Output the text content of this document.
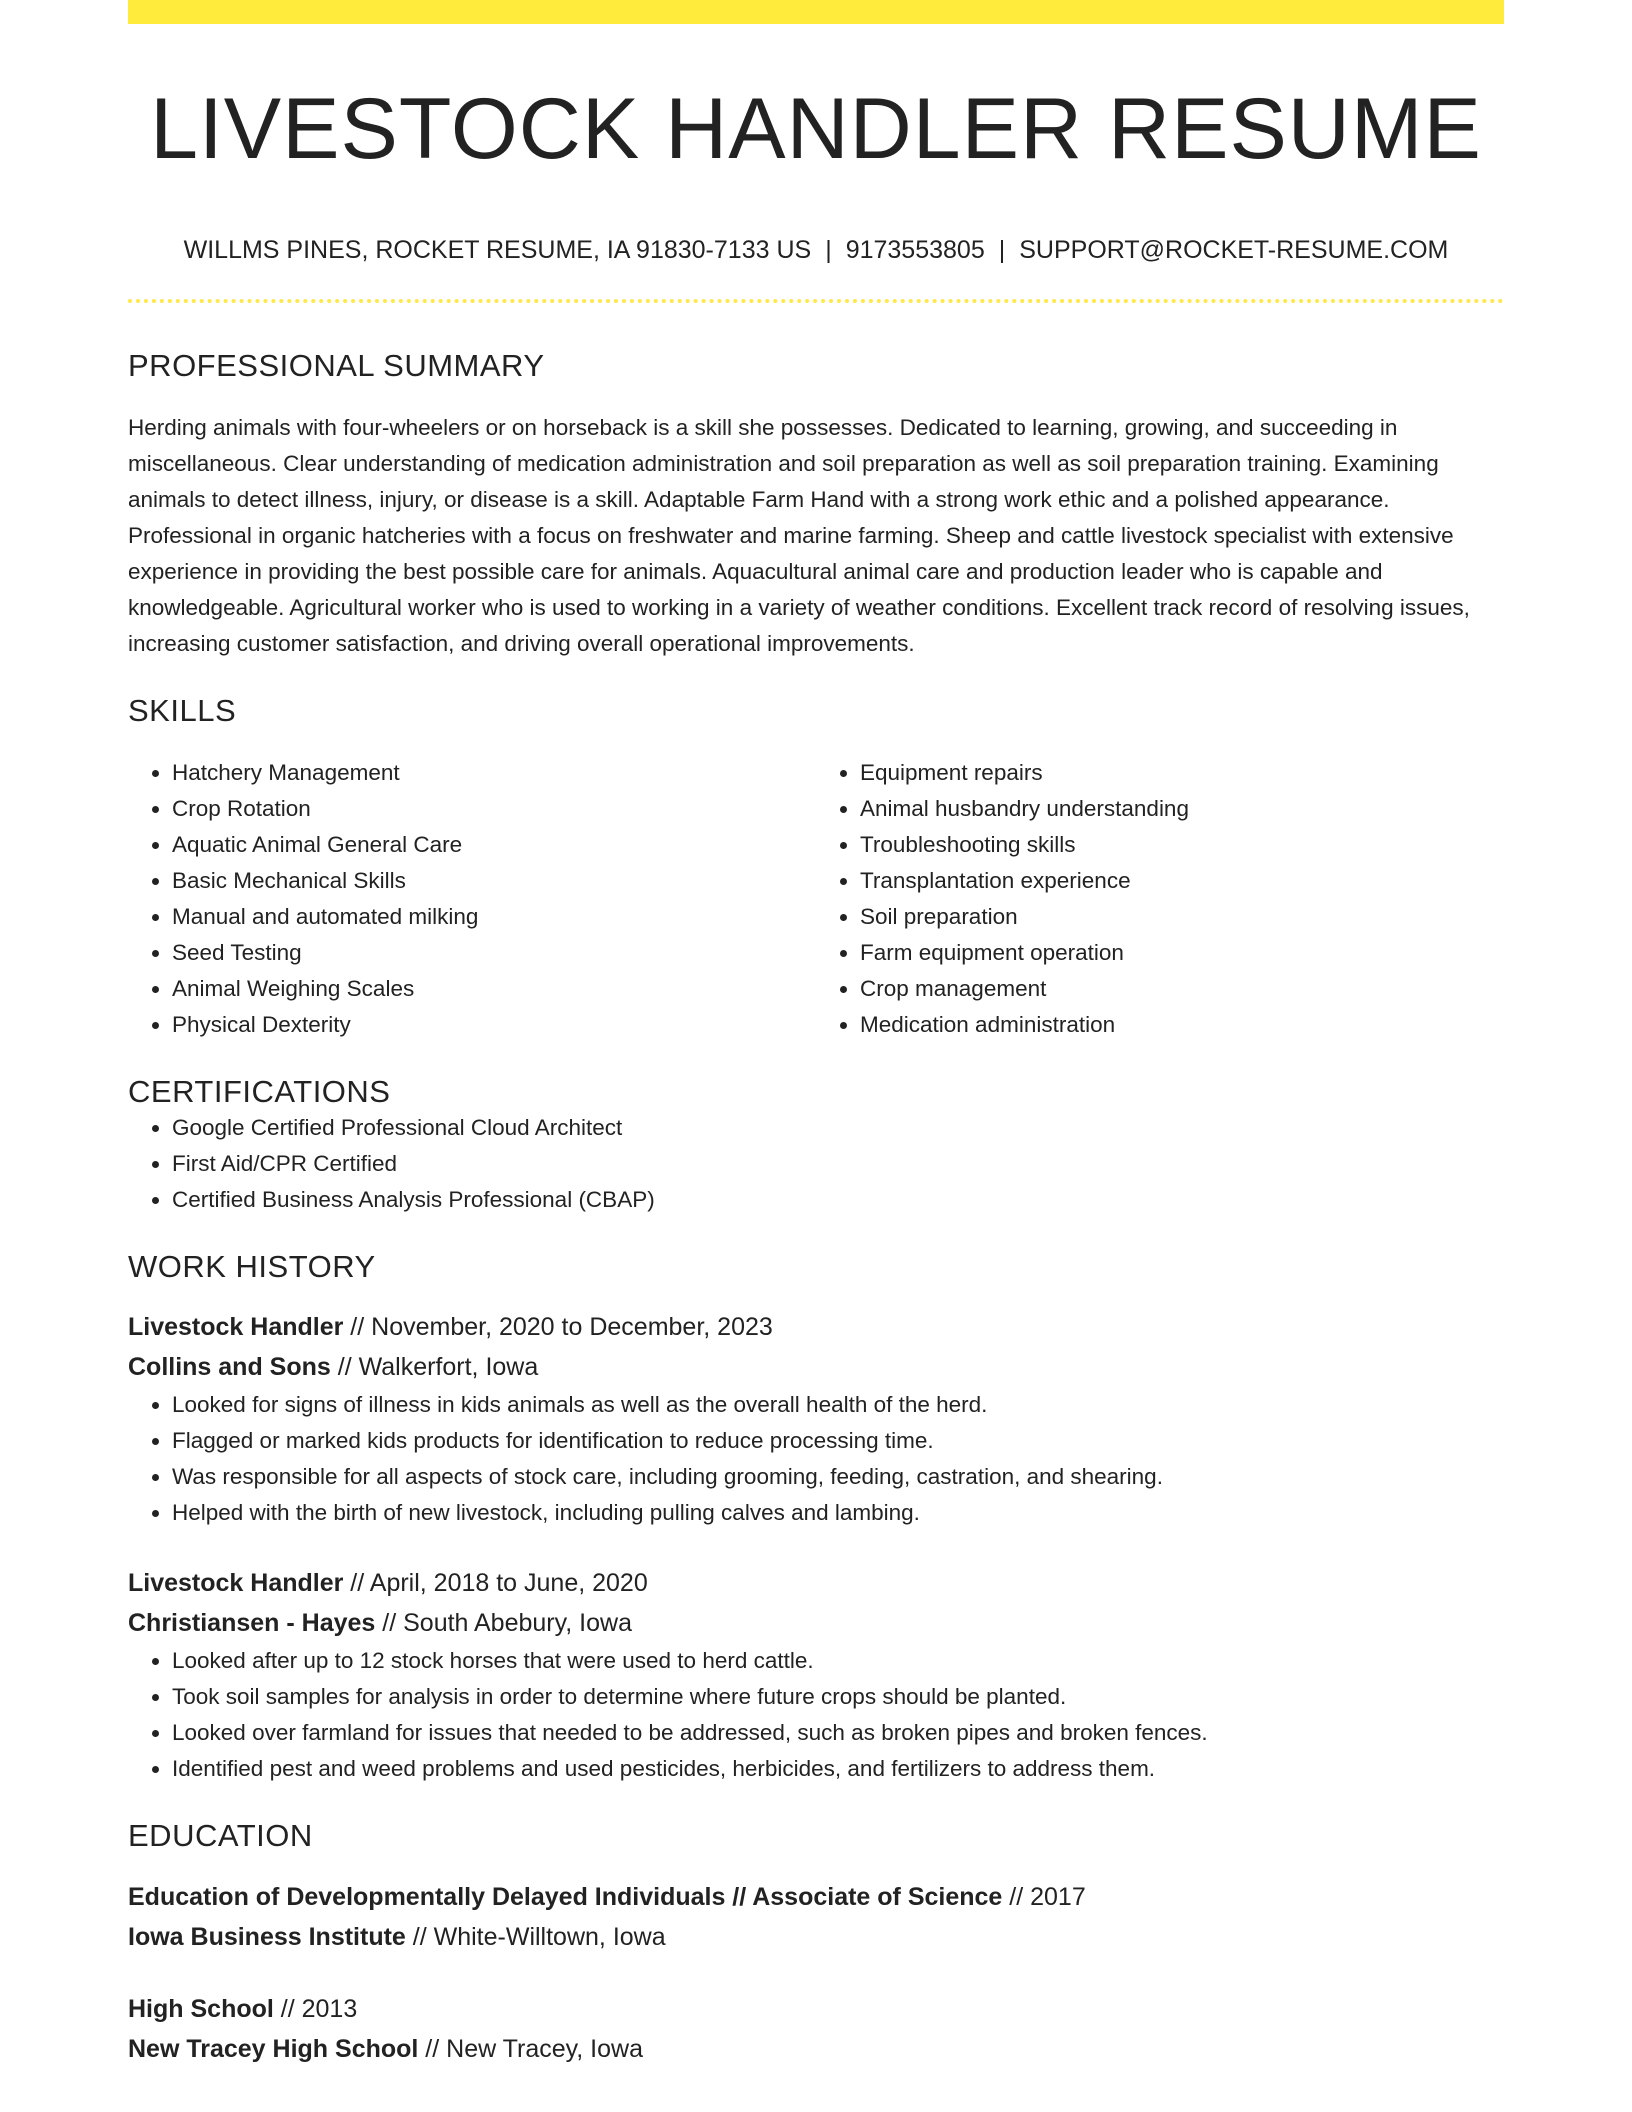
LIVESTOCK HANDLER RESUME
WILLMS PINES, ROCKET RESUME, IA 91830-7133 US | 9173553805 | SUPPORT@ROCKET-RESUME.COM
PROFESSIONAL SUMMARY

Herding animals with four-wheelers or on horseback is a skill she possesses. Dedicated to learning, growing, and succeeding in miscellaneous. Clear understanding of medication administration and soil preparation as well as soil preparation training. Examining animals to detect illness, injury, or disease is a skill. Adaptable Farm Hand with a strong work ethic and a polished appearance. Professional in organic hatcheries with a focus on freshwater and marine farming. Sheep and cattle livestock specialist with extensive experience in providing the best possible care for animals. Aquacultural animal care and production leader who is capable and knowledgeable. Agricultural worker who is used to working in a variety of weather conditions. Excellent track record of resolving issues, increasing customer satisfaction, and driving overall operational improvements.

SKILLS
• Hatchery Management
• Crop Rotation
• Aquatic Animal General Care
• Basic Mechanical Skills
• Manual and automated milking
• Seed Testing
• Animal Weighing Scales
• Physical Dexterity
• Equipment repairs
• Animal husbandry understanding
• Troubleshooting skills
• Transplantation experience
• Soil preparation
• Farm equipment operation
• Crop management
• Medication administration
CERTIFICATIONS
• Google Certified Professional Cloud Architect
• First Aid/CPR Certified
• Certified Business Analysis Professional (CBAP)
WORK HISTORY
Livestock Handler // November, 2020 to December, 2023
Collins and Sons // Walkerfort, Iowa
• Looked for signs of illness in kids animals as well as the overall health of the herd.
• Flagged or marked kids products for identification to reduce processing time.
• Was responsible for all aspects of stock care, including grooming, feeding, castration, and shearing.
• Helped with the birth of new livestock, including pulling calves and lambing.
Livestock Handler // April, 2018 to June, 2020
Christiansen - Hayes // South Abebury, Iowa
• Looked after up to 12 stock horses that were used to herd cattle.
• Took soil samples for analysis in order to determine where future crops should be planted.
• Looked over farmland for issues that needed to be addressed, such as broken pipes and broken fences.
• Identified pest and weed problems and used pesticides, herbicides, and fertilizers to address them.
EDUCATION
Education of Developmentally Delayed Individuals // Associate of Science // 2017
Iowa Business Institute // White-Willtown, Iowa
High School // 2013
New Tracey High School // New Tracey, Iowa
